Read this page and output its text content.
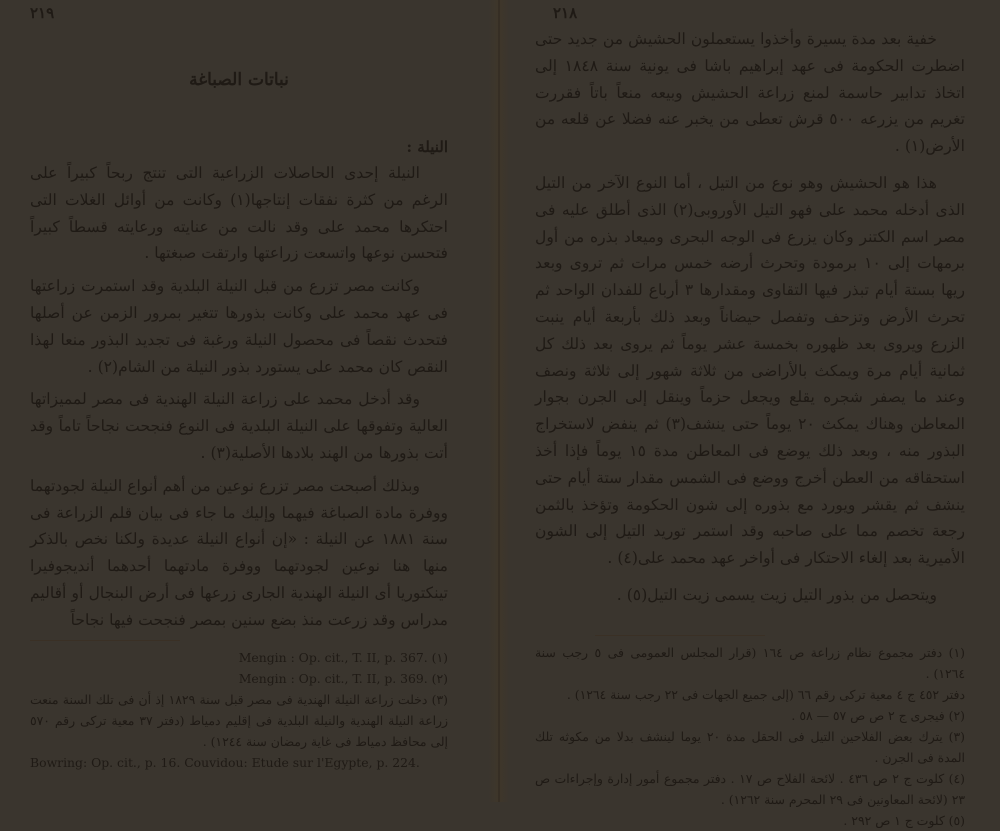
٢١٩
نباتات الصباغة
النيلة :

النيلة إحدى الحاصلات الزراعية التى تنتج ربحاً كبيراً على الرغم من كثرة نفقات إنتاجها(١) وكانت من أوائل الغلات التى احتكرها محمد على وقد نالت من عنايته ورعايته قسطاً كبيراً فتحسن نوعها واتسعت زراعتها وارتقت صبغتها .

وكانت مصر تزرع من قبل النيلة البلدية وقد استمرت زراعتها فى عهد محمد على وكانت بذورها تتغير بمرور الزمن عن أصلها فتحدث نقصاً فى محصول النيلة ورغبة فى تجديد البذور منعا لهذا النقص كان محمد على يستورد بذور النيلة من الشام(٢) .

وقد أدخل محمد على زراعة النيلة الهندية فى مصر لمميزاتها العالية وتفوقها على النيلة البلدية فى النوع فنجحت نجاحاً تاماً وقد أتت بذورها من الهند بلادها الأصلية(٣) .

وبذلك أصبحت مصر تزرع نوعين من أهم أنواع النيلة لجودتهما ووفرة مادة الصباغة فيهما وإليك ما جاء فى بيان قلم الزراعة فى سنة ١٨٨١ عن النيلة : «إن أنواع النيلة عديدة ولكنا نخص بالذكر منها هنا نوعين لجودتهما ووفرة مادتهما أحدهما أنديجوفيرا تينكتوريا أى النيلة الهندية الجارى زرعها فى أرض البنجال أو أقاليم مدراس وقد زرعت منذ بضع سنين بمصر فنجحت فيها نجاحاً

Mengin : Op. cit., T. II, p. 367. (١)

Mengin : Op. cit., T. II, p. 369. (٢)

(٣) دخلت زراعة النيلة الهندية فى مصر قبل سنة ١٨٢٩ إذ أن فى تلك السنة منعت زراعة النيلة الهندية والنيلة البلدية فى إقليم دمياط (دفتر ٣٧ معية تركى رقم ٥٧٠ إلى محافظ دمياط فى غاية رمضان سنة ١٢٤٤) .

Bowring: Op. cit., p. 16. Couvidou: Etude sur l'Egypte, p. 224.

٢١٨

خفية بعد مدة يسيرة وأخذوا يستعملون الحشيش من جديد حتى اضطرت الحكومة فى عهد إبراهيم باشا فى يونية سنة ١٨٤٨ إلى اتخاذ تدابير حاسمة لمنع زراعة الحشيش وبيعه منعاً باتاً فقررت تغريم من يزرعه ٥٠٠ قرش تعطى من يخبر عنه فضلا عن قلعه من الأرض(١) .

هذا هو الحشيش وهو نوع من التيل ، أما النوع الآخر من التيل الذى أدخله محمد على فهو التيل الأوروبى(٢) الذى أطلق عليه فى مصر اسم الكتنر وكان يزرع فى الوجه البحرى وميعاد بذره من أول برمهات إلى ١٠ برمودة وتحرث أرضه خمس مرات ثم تروى وبعد ريها بستة أيام تبذر فيها التقاوى ومقدارها ٣ أرباع للفدان الواحد ثم تحرث الأرض وتزحف وتفصل حيضاناً وبعد ذلك بأربعة أيام ينبت الزرع ويروى بعد ظهوره بخمسة عشر يوماً ثم يروى بعد ذلك كل ثمانية أيام مرة ويمكث بالأراضى من ثلاثة شهور إلى ثلاثة ونصف وعند ما يصفر شجره يقلع ويجعل حزماً وينقل إلى الجرن بجوار المعاطن وهناك يمكث ٢٠ يوماً حتى ينشف(٣) ثم ينفض لاستخراج البذور منه ، وبعد ذلك يوضع فى المعاطن مدة ١٥ يوماً فإذا أخذ استحقاقه من العطن أخرج ووضع فى الشمس مقدار ستة أيام حتى ينشف ثم يقشر ويورد مع بذوره إلى شون الحكومة وتؤخذ بالثمن رجعة تخصم مما على صاحبه وقد استمر توريد التيل إلى الشون الأميرية بعد إلغاء الاحتكار فى أواخر عهد محمد على(٤) .

ويتحصل من بذور التيل زيت يسمى زيت التيل(٥) .

(١) دفتر مجموع نظام زراعة ص ١٦٤ (قرار المجلس العمومى فى ٥ رجب سنة ١٢٦٤) .

دفتر ٤٥٢ ج ٤ معية تركى رقم ٦٦ (إلى جميع الجهات فى ٢٢ رجب سنة ١٢٦٤) .

(٢) فيجرى ج ٢ ص ص ٥٧ — ٥٨ .

(٣) يترك بعض الفلاحين التيل فى الحقل مدة ٢٠ يوما لينشف بدلا من مكوثه تلك المدة فى الجرن .

(٤) كلوت ج ٢ ص ٤٣٦ . لائحة الفلاح ص ١٧ . دفتر مجموع أمور إدارة وإجراءات ص ٢٣ (لائحة المعاونين فى ٢٩ المحرم سنة ١٢٦٢) .

(٥) كلوت ج ١ ص ٢٩٢ .
